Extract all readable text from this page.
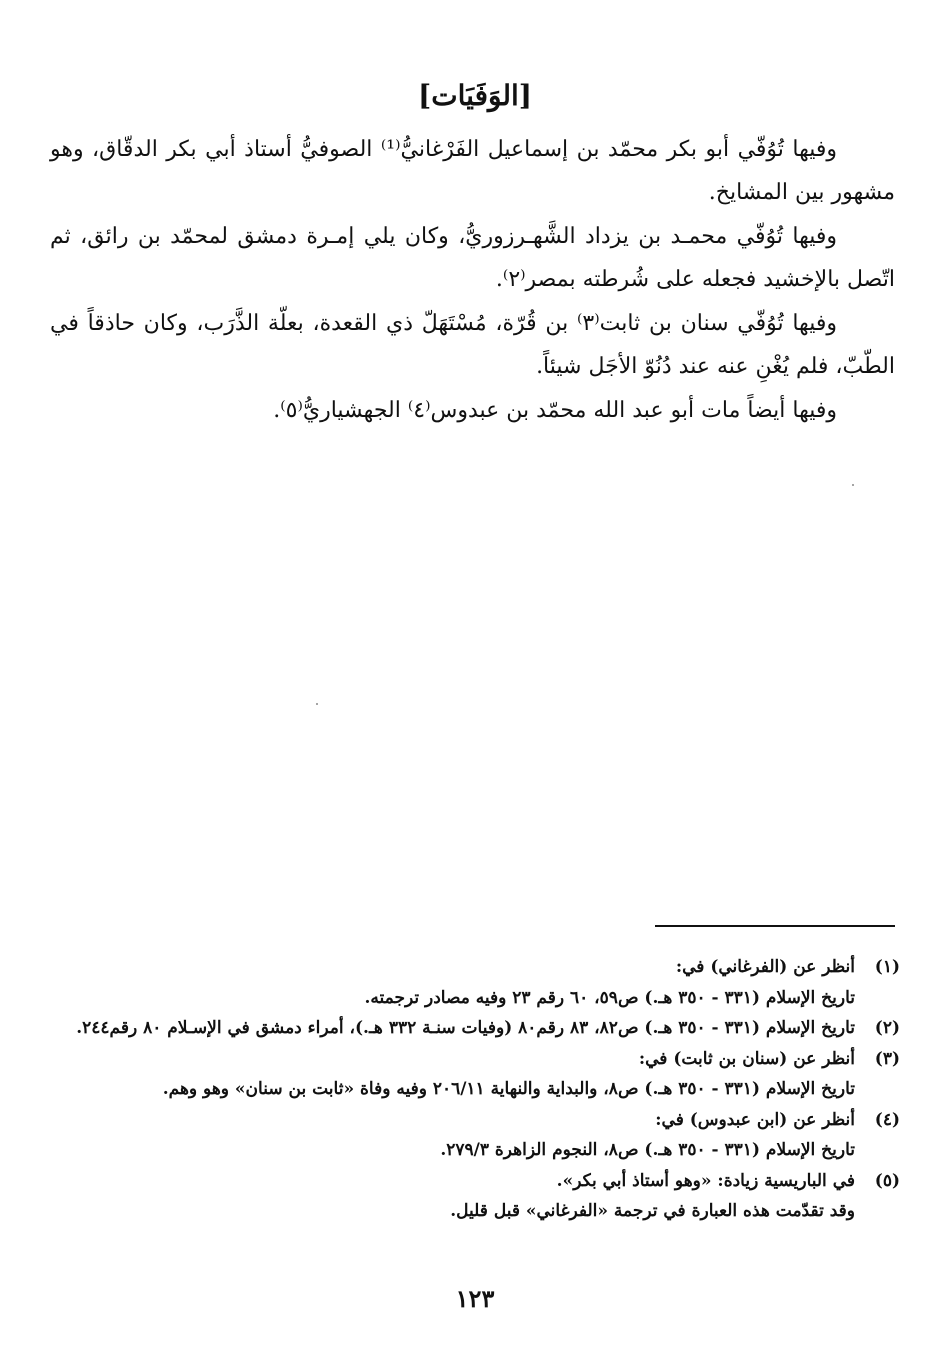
[الوَفَيَات]

وفيها تُوُفّي أبو بكر محمّد بن إسماعيل الفَرْغانيُّ⁽¹⁾ الصوفيُّ أستاذ أبي بكر الدقّاق، وهو مشهور بين المشايخ.

وفيها تُوُفّي محمـد بن يزداد الشَّهـرزوريُّ، وكان يلي إمـرة دمشق لمحمّد بن رائق، ثم اتّصل بالإخشيد فجعله على شُرطته بمصر⁽٢⁾.

وفيها تُوُفّي سنان بن ثابت⁽٣⁾ بن قُرّة، مُسْتَهَلّ ذي القعدة، بعلّة الذَّرَب، وكان حاذقاً في الطّبّ، فلم يُغْنِ عنه عند دُنُوّ الأجَل شيئاً.

وفيها أيضاً مات أبو عبد الله محمّد بن عبدوس⁽٤⁾ الجهشياريُّ⁽٥⁾.

(١)
أنظر عن (الفرغاني) في:
تاريخ الإسلام (٣٣١ - ٣٥٠ هـ.) ص٥٩، ٦٠ رقم ٢٣ وفيه مصادر ترجمته.
(٢)
تاريخ الإسلام (٣٣١ - ٣٥٠ هـ.) ص٨٢، ٨٣ رقم٨٠ (وفيات سنـة ٣٣٢ هـ.)، أمراء دمشق في الإسـلام ٨٠ رقم٢٤٤.
(٣)
أنظر عن (سنان بن ثابت) في:
تاريخ الإسلام (٣٣١ - ٣٥٠ هـ.) ص٨، والبداية والنهاية ٢٠٦/١١ وفيه وفاة «ثابت بن سنان» وهو وهم.
(٤)
أنظر عن (ابن عبدوس) في:
تاريخ الإسلام (٣٣١ - ٣٥٠ هـ.) ص٨، النجوم الزاهرة ٢٧٩/٣.
(٥)
في الباريسية زيادة: «وهو أستاذ أبي بكر».
وقد تقدّمت هذه العبارة في ترجمة «الفرغاني» قبل قليل.
١٢٣
